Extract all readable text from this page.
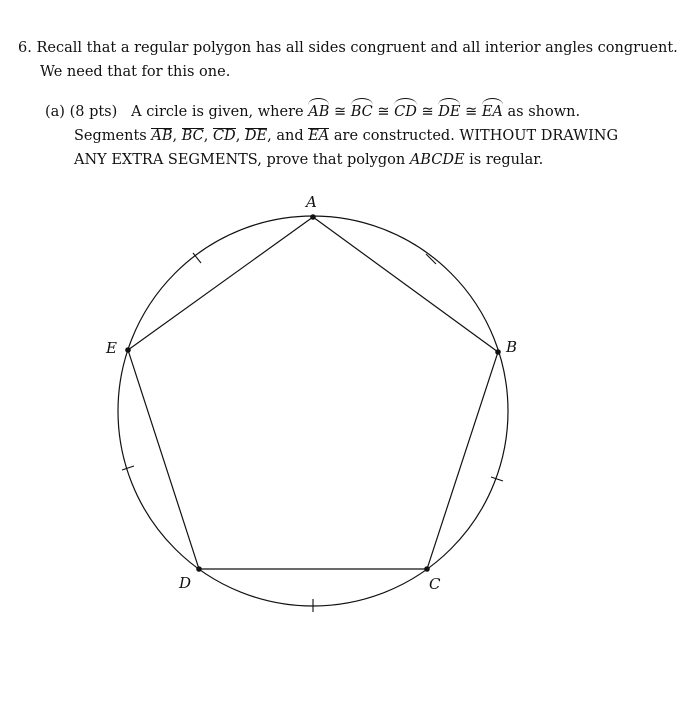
6. Recall that a regular polygon has all sides congruent and all interior angles congruent.
We need that for this one.
(a) (8 pts) A circle is given, where AB ≅ BC ≅ CD ≅ DE ≅ EA as shown.
Segments AB, BC, CD, DE, and EA are constructed. WITHOUT DRAWING
ANY EXTRA SEGMENTS, prove that polygon ABCDE is regular.
A
B
C
D
E
